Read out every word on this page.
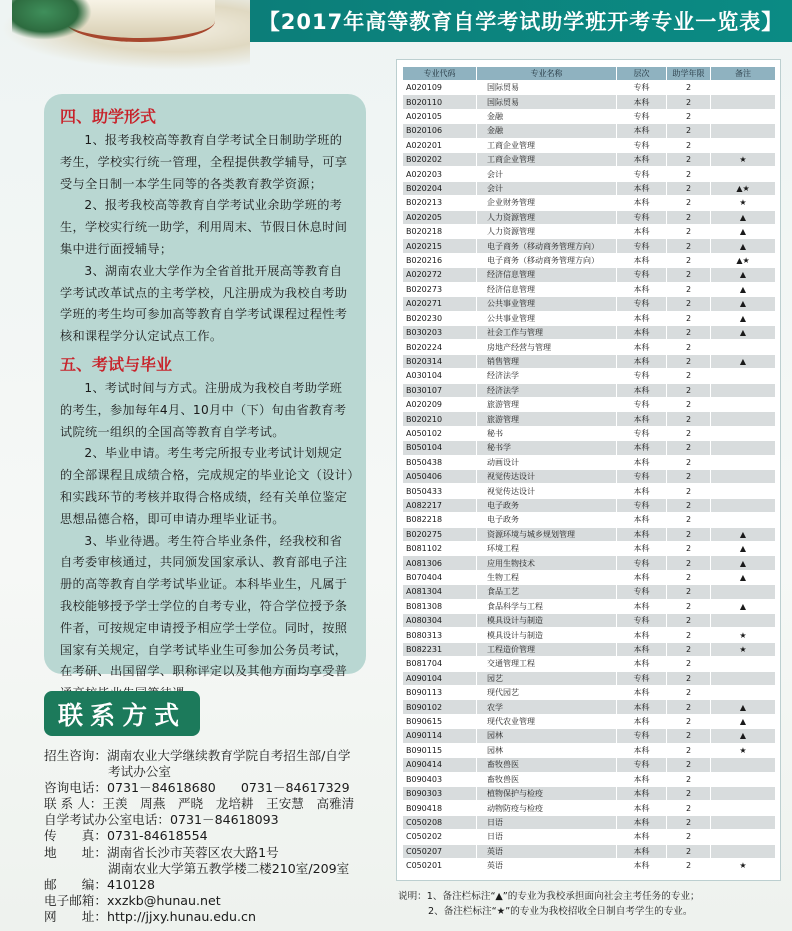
【2017年高等教育自学考试助学班开考专业一览表】
四、助学形式

1、报考我校高等教育自学考试全日制助学班的考生，学校实行统一管理，全程提供教学辅导，可享受与全日制一本学生同等的各类教育教学资源；

2、报考我校高等教育自学考试业余助学班的考生，学校实行统一助学，利用周末、节假日休息时间集中进行面授辅导；

3、湖南农业大学作为全省首批开展高等教育自学考试改革试点的主考学校，凡注册成为我校自考助学班的考生均可参加高等教育自学考试课程过程性考核和课程学分认定试点工作。

五、考试与毕业

1、考试时间与方式。注册成为我校自考助学班的考生，参加每年4月、10月中（下）旬由省教育考试院统一组织的全国高等教育自学考试。

2、毕业申请。考生考完所报专业考试计划规定的全部课程且成绩合格，完成规定的毕业论文（设计）和实践环节的考核并取得合格成绩，经有关单位鉴定思想品德合格，即可申请办理毕业证书。

3、毕业待遇。考生符合毕业条件，经我校和省自考委审核通过，共同颁发国家承认、教育部电子注册的高等教育自学考试毕业证。本科毕业生，凡属于我校能够授予学士学位的自考专业，符合学位授予条件者，可按规定申请授予相应学士学位。同时，按照国家有关规定，自学考试毕业生可参加公务员考试，在考研、出国留学、职称评定以及其他方面均享受普

联系方式
招生咨询： 湖南农业大学继续教育学院自考招生部/自学
考试办公室
咨询电话： 0731－84618680　　0731－84617329
联 系 人： 王羡　周燕　严晓　龙培耕　王安慧　高雅清
自学考试办公室电话：0731－84618093
传　　真： 0731-84618554
地　　址： 湖南省长沙市芙蓉区农大路1号
湖南农业大学第五教学楼二楼210室/209室
邮　　编： 410128
电子邮箱： xxzkb@hunau.net
网　　址： http://jjxy.hunau.edu.cn
专业代码	专业名称	层次	助学年限	备注
A020109	国际贸易	专科	2	
B020110	国际贸易	本科	2	
A020105	金融	专科	2	
B020106	金融	本科	2	
A020201	工商企业管理	专科	2	
B020202	工商企业管理	本科	2	★
A020203	会计	专科	2	
B020204	会计	本科	2	▲★
B020213	企业财务管理	本科	2	★
A020205	人力资源管理	专科	2	▲
B020218	人力资源管理	本科	2	▲
A020215	电子商务（移动商务管理方向）	专科	2	▲
B020216	电子商务（移动商务管理方向）	本科	2	▲★
A020272	经济信息管理	专科	2	▲
B020273	经济信息管理	本科	2	▲
A020271	公共事业管理	专科	2	▲
B020230	公共事业管理	本科	2	▲
B030203	社会工作与管理	本科	2	▲
B020224	房地产经营与管理	本科	2	
B020314	销售管理	本科	2	▲
A030104	经济法学	专科	2	
B030107	经济法学	本科	2	
A020209	旅游管理	专科	2	
B020210	旅游管理	本科	2	
A050102	秘书	专科	2	
B050104	秘书学	本科	2	
B050438	动画设计	本科	2	
A050406	视觉传达设计	专科	2	
B050433	视觉传达设计	本科	2	
A082217	电子政务	专科	2	
B082218	电子政务	本科	2	
B020275	资源环境与城乡规划管理	本科	2	▲
B081102	环境工程	本科	2	▲
A081306	应用生物技术	专科	2	▲
B070404	生物工程	本科	2	▲
A081304	食品工艺	专科	2	
B081308	食品科学与工程	本科	2	▲
A080304	模具设计与制造	专科	2	
B080313	模具设计与制造	本科	2	★
B082231	工程造价管理	本科	2	★
B081704	交通管理工程	本科	2	
A090104	园艺	专科	2	
B090113	现代园艺	本科	2	
B090102	农学	本科	2	▲
B090615	现代农业管理	本科	2	▲
A090114	园林	专科	2	▲
B090115	园林	本科	2	★
A090414	畜牧兽医	专科	2	
B090403	畜牧兽医	本科	2	
B090303	植物保护与检疫	本科	2	
B090418	动物防疫与检疫	本科	2	
C050208	日语	本科	2	
C050202	日语	本科	2	
C050207	英语	本科	2	
C050201	英语	本科	2	★
说明：1、备注栏标注“▲”的专业为我校承担面向社会主考任务的专业；
2、备注栏标注“★”的专业为我校招收全日制自考学生的专业。
